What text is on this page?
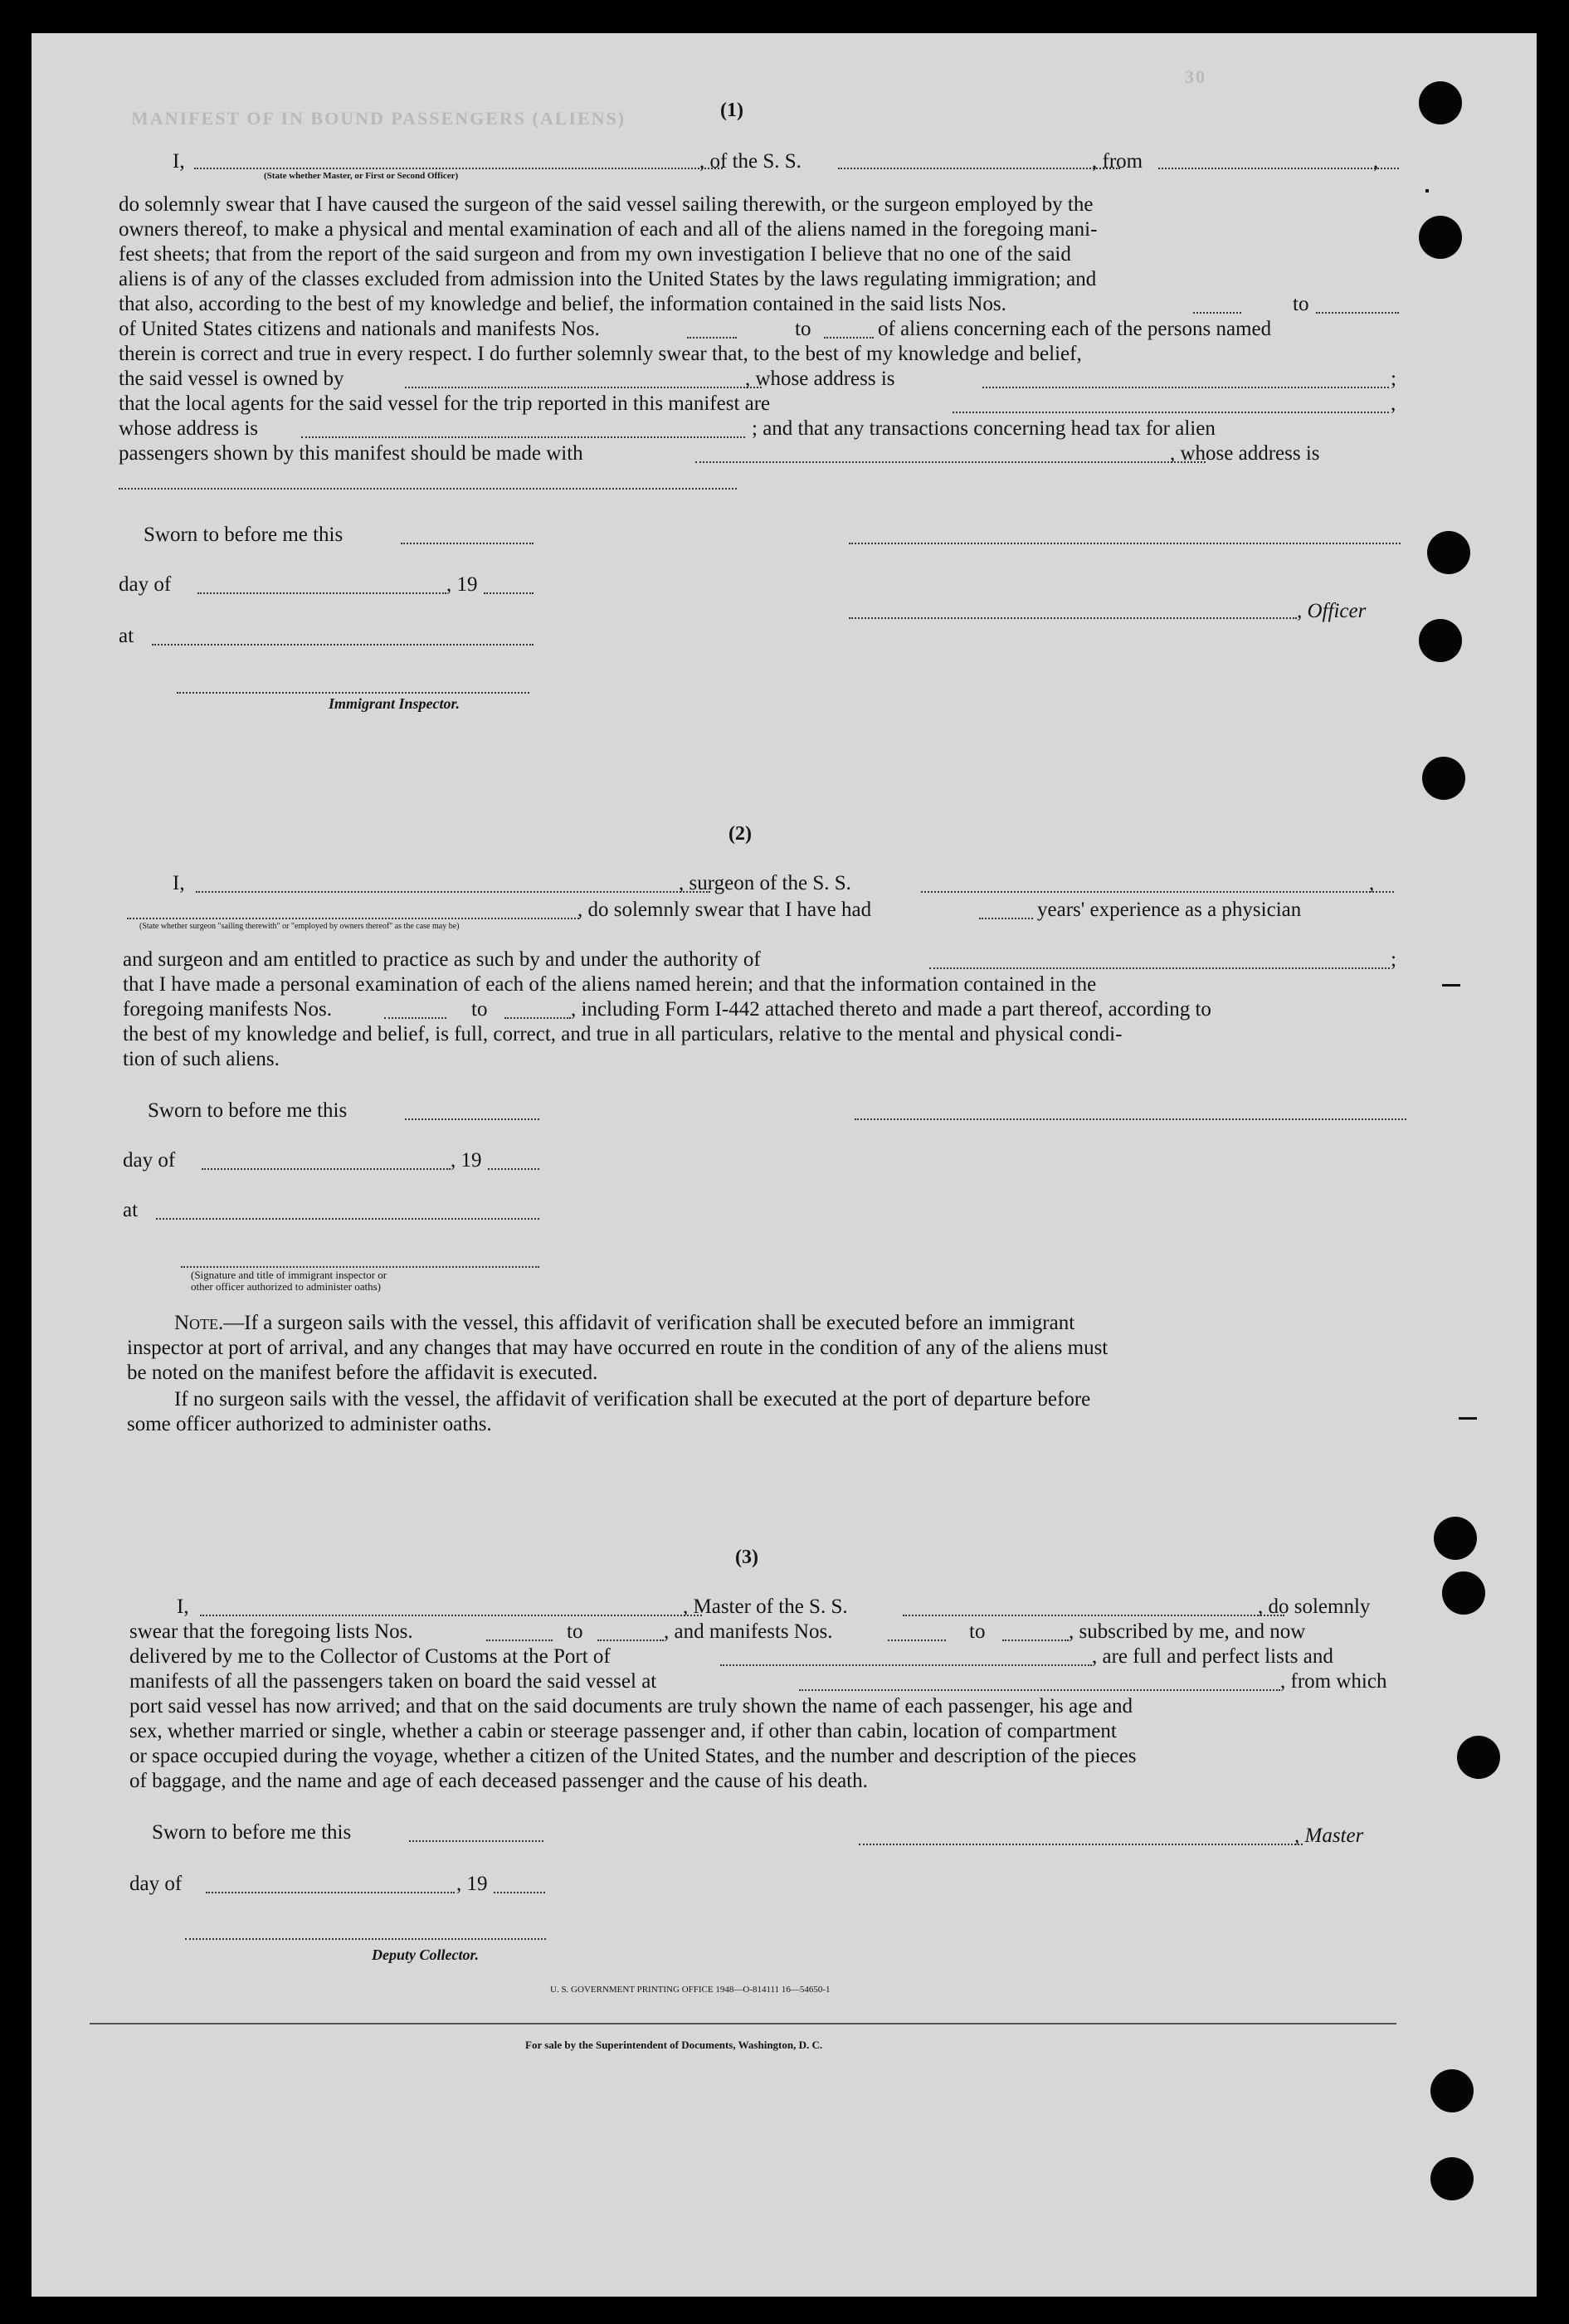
30
MANIFEST OF IN BOUND PASSENGERS (ALIENS)	(1)
I,	, of the S. S.	, from	,
(State whether Master, or First or Second Officer)
do solemnly swear that I have caused the surgeon of the said vessel sailing therewith, or the surgeon employed by the
owners thereof, to make a physical and mental examination of each and all of the aliens named in the foregoing mani-
fest sheets; that from the report of the said surgeon and from my own investigation I believe that no one of the said
aliens is of any of the classes excluded from admission into the United States by the laws regulating immigration; and
that also, according to the best of my knowledge and belief, the information contained in the said lists Nos.	to
of United States citizens and nationals and manifests Nos.	to	of aliens concerning each of the persons named
therein is correct and true in every respect. I do further solemnly swear that, to the best of my knowledge and belief,
the said vessel is owned by	, whose address is	;
that the local agents for the said vessel for the trip reported in this manifest are	,
whose address is	; and that any transactions concerning head tax for alien
passengers shown by this manifest should be made with	, whose address is
Sworn to before me this
day of	, 19
, Officer
at
Immigrant Inspector.
(2)
I,	, surgeon of the S. S.	,
, do solemnly swear that I have had	years' experience as a physician
(State whether surgeon "sailing therewith" or "employed by owners thereof" as the case may be)
and surgeon and am entitled to practice as such by and under the authority of	;
that I have made a personal examination of each of the aliens named herein; and that the information contained in the
foregoing manifests Nos.	to	, including Form I-442 attached thereto and made a part thereof, according to
the best of my knowledge and belief, is full, correct, and true in all particulars, relative to the mental and physical condi-
tion of such aliens.
Sworn to before me this
day of	, 19
at
(Signature and title of immigrant inspector or
other officer authorized to administer oaths)
Note.—If a surgeon sails with the vessel, this affidavit of verification shall be executed before an immigrant
inspector at port of arrival, and any changes that may have occurred en route in the condition of any of the aliens must
be noted on the manifest before the affidavit is executed.
If no surgeon sails with the vessel, the affidavit of verification shall be executed at the port of departure before
some officer authorized to administer oaths.
(3)
I,	, Master of the S. S.	, do solemnly
swear that the foregoing lists Nos.	to	, and manifests Nos.	to	, subscribed by me, and now
delivered by me to the Collector of Customs at the Port of	, are full and perfect lists and
manifests of all the passengers taken on board the said vessel at	, from which
port said vessel has now arrived; and that on the said documents are truly shown the name of each passenger, his age and
sex, whether married or single, whether a cabin or steerage passenger and, if other than cabin, location of compartment
or space occupied during the voyage, whether a citizen of the United States, and the number and description of the pieces
of baggage, and the name and age of each deceased passenger and the cause of his death.
Sworn to before me this	, Master
day of	, 19
Deputy Collector.
U. S. GOVERNMENT PRINTING OFFICE 1948—O-814111 16—54650-1
For sale by the Superintendent of Documents, Washington, D. C.
